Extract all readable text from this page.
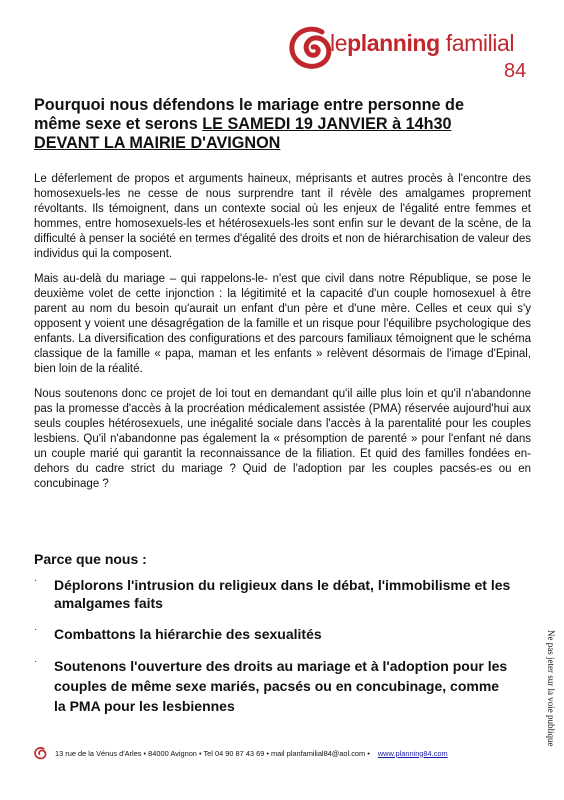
leplanning familial
84
Pourquoi nous défendons le mariage entre personne de même sexe et serons LE SAMEDI 19 JANVIER à 14h30 DEVANT LA MAIRIE D'AVIGNON

Le déferlement de propos et arguments haineux, méprisants et autres procès à l'encontre des homosexuels-les ne cesse de nous surprendre tant il révèle des amalgames proprement révoltants. Ils témoignent, dans un contexte social où les enjeux de l'égalité entre femmes et hommes, entre homosexuels-les et hétérosexuels-les sont enfin sur le devant de la scène, de la difficulté à penser la société en termes d'égalité des droits et non de hiérarchisation de valeur des individus qui la composent.

Mais au-delà du mariage – qui rappelons-le- n'est que civil dans notre République, se pose le deuxième volet de cette injonction : la légitimité et la capacité d'un couple homosexuel à être parent au nom du besoin qu'aurait un enfant d'un père et d'une mère. Celles et ceux qui s'y opposent y voient une désagrégation de la famille et un risque pour l'équilibre psychologique des enfants. La diversification des configurations et des parcours familiaux témoignent que le schéma classique de la famille « papa, maman et les enfants » relèvent désormais de l'image d'Epinal, bien loin de la réalité.

Nous soutenons donc ce projet de loi tout en demandant qu'il aille plus loin et qu'il n'abandonne pas la promesse d'accès à la procréation médicalement assistée (PMA) réservée aujourd'hui aux seuls couples hétérosexuels, une inégalité sociale dans l'accès à la parentalité pour les couples lesbiens. Qu'il n'abandonne pas également la « présomption de parenté » pour l'enfant né dans un couple marié qui garantit la reconnaissance de la filiation. Et quid des familles fondées en-dehors du cadre strict du mariage ? Quid de l'adoption par les couples pacsés-es ou en concubinage ?

Parce que nous :
· Déplorons l'intrusion du religieux dans le débat, l'immobilisme et les amalgames faits
· Combattons la hiérarchie des sexualités
· Soutenons l'ouverture des droits au mariage et à l'adoption pour les couples de même sexe mariés, pacsés ou en concubinage, comme la PMA pour les lesbiennes
13 rue de la Vénus d'Arles • 84000 Avignon • Tel 04 90 87 43 69 • mail planfamilial84@aol.com • www.planning84.com
Ne pas jeter sur la voie publique
